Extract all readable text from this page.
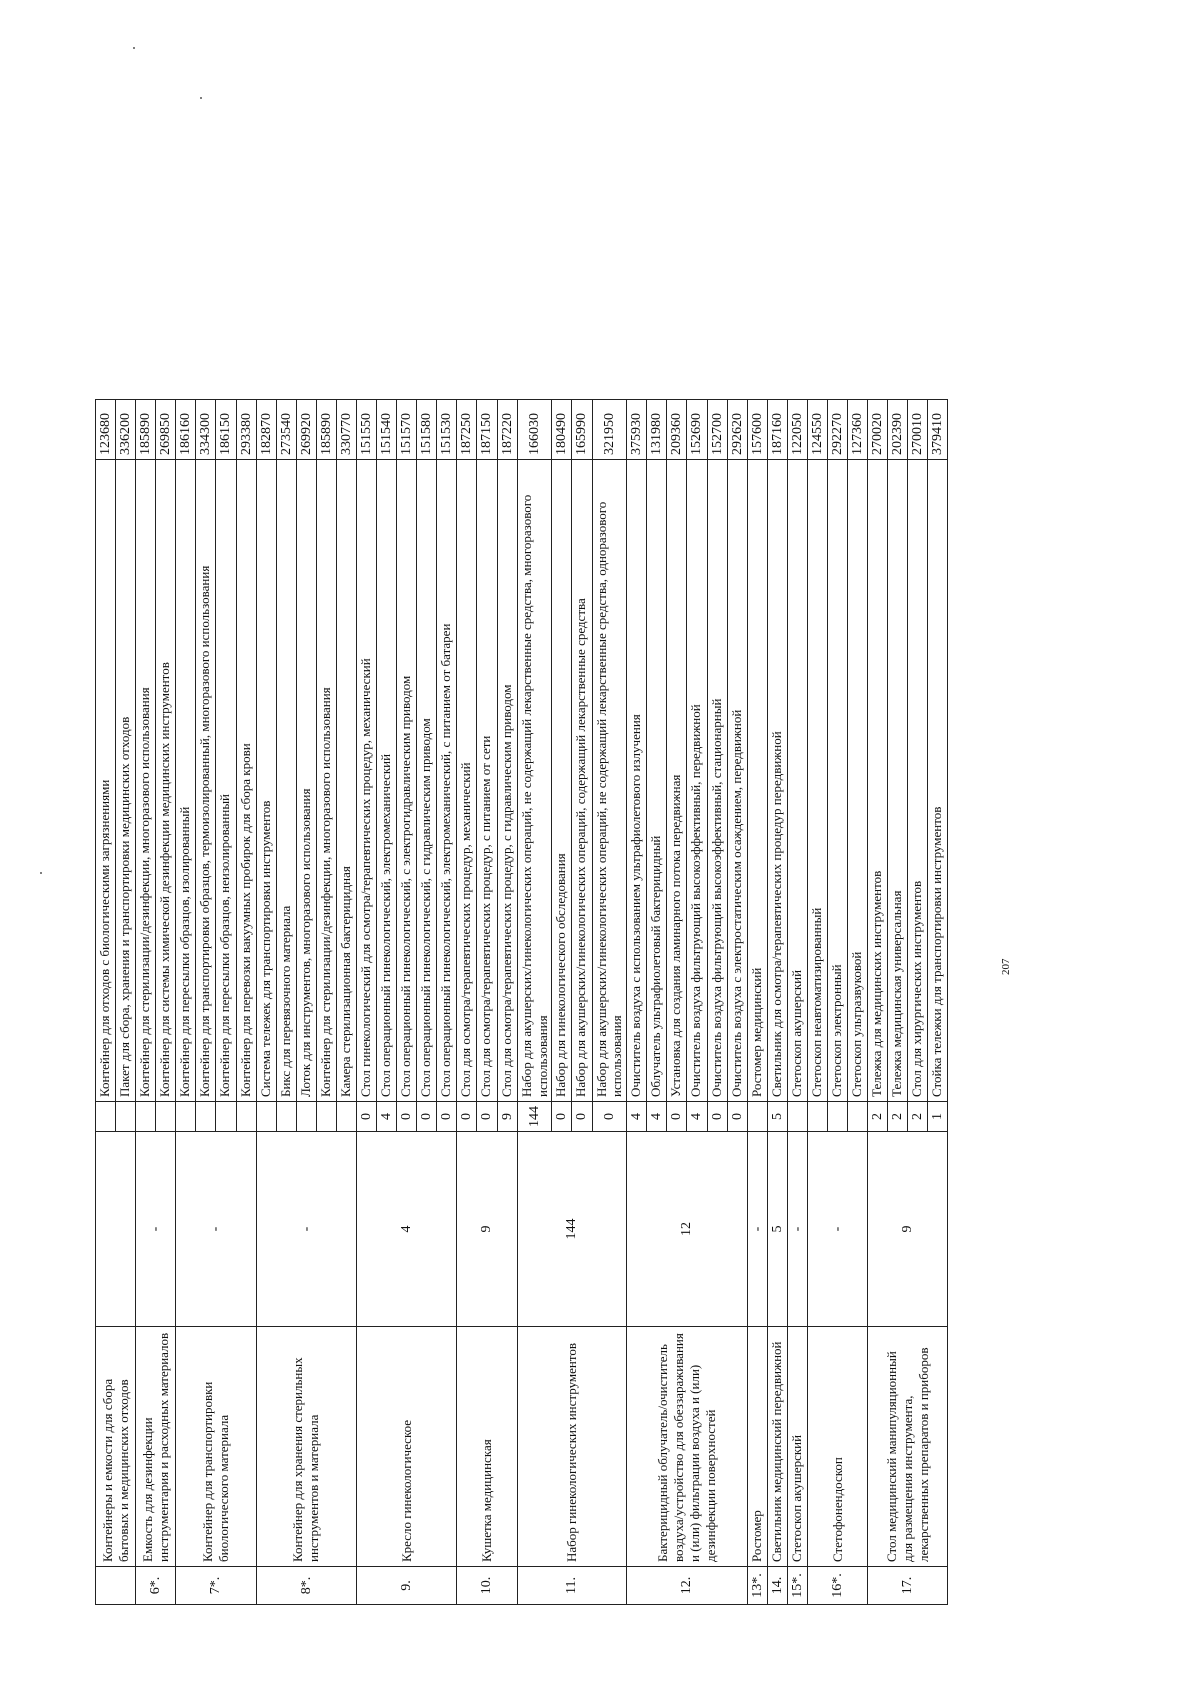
	Контейнеры и емкости для сбора бытовых и медицинских отходов			Контейнер для отходов с биологическими загрязнениями	123680
				Пакет для сбора, хранения и транспортировки медицинских отходов	336200
6*.	Емкость для дезинфекции инструментария и расходных материалов	-		Контейнер для стерилизации/дезинфекции, многоразового использования	185890
				Контейнер для системы химической дезинфекции медицинских инструментов	269850
7*.	Контейнер для транспортировки биологического материала	-		Контейнер для пересылки образцов, изолированный	186160
				Контейнер для транспортировки образцов, термоизолированный, многоразового использования	334300
				Контейнер для пересылки образцов, неизолированный	186150
				Контейнер для перевозки вакуумных пробирок для сбора крови	293380
8*.	Контейнер для хранения стерильных инструментов и материала	-		Система тележек для транспортировки инструментов	182870
				Бикс для перевязочного материала	273540
				Лоток для инструментов, многоразового использования	269920
				Контейнер для стерилизации/дезинфекции, многоразового использования	185890
				Камера стерилизационная бактерицидная	330770
9.	Кресло гинекологическое	4	0	Стол гинекологический для осмотра/терапевтических процедур, механический	151550
			4	Стол операционный гинекологический, электромеханический	151540
			0	Стол операционный гинекологический, с электрогидравлическим приводом	151570
			0	Стол операционный гинекологический, с гидравлическим приводом	151580
			0	Стол операционный гинекологический, электромеханический, с питанием от батареи	151530
10.	Кушетка медицинская	9	0	Стол для осмотра/терапевтических процедур, механический	187250
			0	Стол для осмотра/терапевтических процедур, с питанием от сети	187150
			9	Стол для осмотра/терапевтических процедур, с гидравлическим приводом	187220
11.	Набор гинекологических инструментов	144	144	Набор для акушерских/гинекологических операций, не содержащий лекарственные средства, многоразового использования	166030
			0	Набор для гинекологического обследования	180490
			0	Набор для акушерских/гинекологических операций, содержащий лекарственные средства	165990
			0	Набор для акушерских/гинекологических операций, не содержащий лекарственные средства, одноразового использования	321950
12.	Бактерицидный облучатель/очиститель воздуха/устройство для обеззараживания и (или) фильтрации воздуха и (или) дезинфекции поверхностей	12	4	Очиститель воздуха с использованием ультрафиолетового излучения	375930
			4	Облучатель ультрафиолетовый бактерицидный	131980
			0	Установка для создания ламинарного потока передвижная	209360
			4	Очиститель воздуха фильтрующий высокоэффективный, передвижной	152690
			0	Очиститель воздуха фильтрующий высокоэффективный, стационарный	152700
			0	Очиститель воздуха с электростатическим осаждением, передвижной	292620
13*.	Ростомер	-		Ростомер медицинский	157600
14.	Светильник медицинский передвижной	5	5	Светильник для осмотра/терапевтических процедур передвижной	187160
15*.	Стетоскоп акушерский	-		Стетоскоп акушерский	122050
16*.	Стетофонендоскоп	-		Стетоскоп неавтоматизированный	124550
				Стетоскоп электронный	292270
				Стетоскоп ультразвуковой	127360
17.	Стол медицинский манипуляционный для размещения инструмента, лекарственных препаратов и приборов	9	2	Тележка для медицинских инструментов	270020
			2	Тележка медицинская универсальная	202390
			2	Стол для хирургических инструментов	270010
			1	Стойка тележки для транспортировки инструментов	379410
207
